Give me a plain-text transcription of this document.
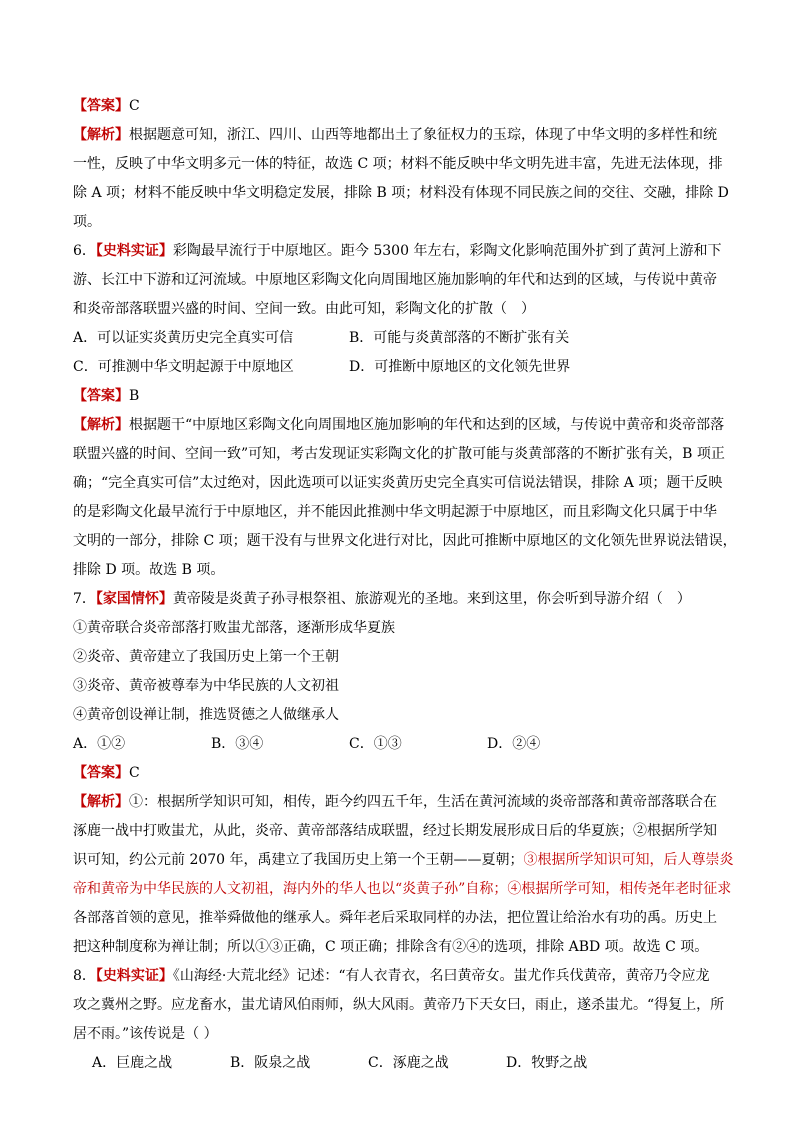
【答案】C
【解析】根据题意可知，浙江、四川、山西等地都出土了象征权力的玉琮，体现了中华文明的多样性和统
一性，反映了中华文明多元一体的特征，故选 C 项；材料不能反映中华文明先进丰富，先进无法体现，排
除 A 项；材料不能反映中华文明稳定发展，排除 B 项；材料没有体现不同民族之间的交往、交融，排除 D
项。
6．【史料实证】彩陶最早流行于中原地区。距今 5300 年左右，彩陶文化影响范围外扩到了黄河上游和下
游、长江中下游和辽河流域。中原地区彩陶文化向周围地区施加影响的年代和达到的区域，与传说中黄帝
和炎帝部落联盟兴盛的时间、空间一致。由此可知，彩陶文化的扩散（　）
A．可以证实炎黄历史完全真实可信	B．可能与炎黄部落的不断扩张有关
C．可推测中华文明起源于中原地区	D．可推断中原地区的文化领先世界
【答案】B
【解析】根据题干“中原地区彩陶文化向周围地区施加影响的年代和达到的区域，与传说中黄帝和炎帝部落
联盟兴盛的时间、空间一致”可知，考古发现证实彩陶文化的扩散可能与炎黄部落的不断扩张有关，B 项正
确；“完全真实可信”太过绝对，因此选项可以证实炎黄历史完全真实可信说法错误，排除 A 项；题干反映
的是彩陶文化最早流行于中原地区，并不能因此推测中华文明起源于中原地区，而且彩陶文化只属于中华
文明的一部分，排除 C 项；题干没有与世界文化进行对比，因此可推断中原地区的文化领先世界说法错误，
排除 D 项。故选 B 项。
7．【家国情怀】黄帝陵是炎黄子孙寻根祭祖、旅游观光的圣地。来到这里，你会听到导游介绍（　）
①黄帝联合炎帝部落打败蚩尤部落，逐渐形成华夏族
②炎帝、黄帝建立了我国历史上第一个王朝
③炎帝、黄帝被尊奉为中华民族的人文初祖
④黄帝创设禅让制，推选贤德之人做继承人
A．①②	B．③④	C．①③	D．②④
【答案】C
【解析】①：根据所学知识可知，相传，距今约四五千年，生活在黄河流域的炎帝部落和黄帝部落联合在
涿鹿一战中打败蚩尤，从此，炎帝、黄帝部落结成联盟，经过长期发展形成日后的华夏族；②根据所学知
识可知，约公元前 2070 年，禹建立了我国历史上第一个王朝——夏朝；③根据所学知识可知，后人尊崇炎
帝和黄帝为中华民族的人文初祖，海内外的华人也以“炎黄子孙”自称；④根据所学可知，相传尧年老时征求
各部落首领的意见，推举舜做他的继承人。舜年老后采取同样的办法，把位置让给治水有功的禹。历史上
把这种制度称为禅让制；所以①③正确，C 项正确；排除含有②④的选项，排除 ABD 项。故选 C 项。
8．【史料实证】《山海经·大荒北经》记述：“有人衣青衣，名曰黄帝女。蚩尤作兵伐黄帝，黄帝乃令应龙
攻之冀州之野。应龙畜水，蚩尤请风伯雨师，纵大风雨。黄帝乃下天女曰，雨止，遂杀蚩尤。“得复上，所
居不雨。”该传说是（ ）
A．巨鹿之战	B．阪泉之战	C．涿鹿之战	D．牧野之战
